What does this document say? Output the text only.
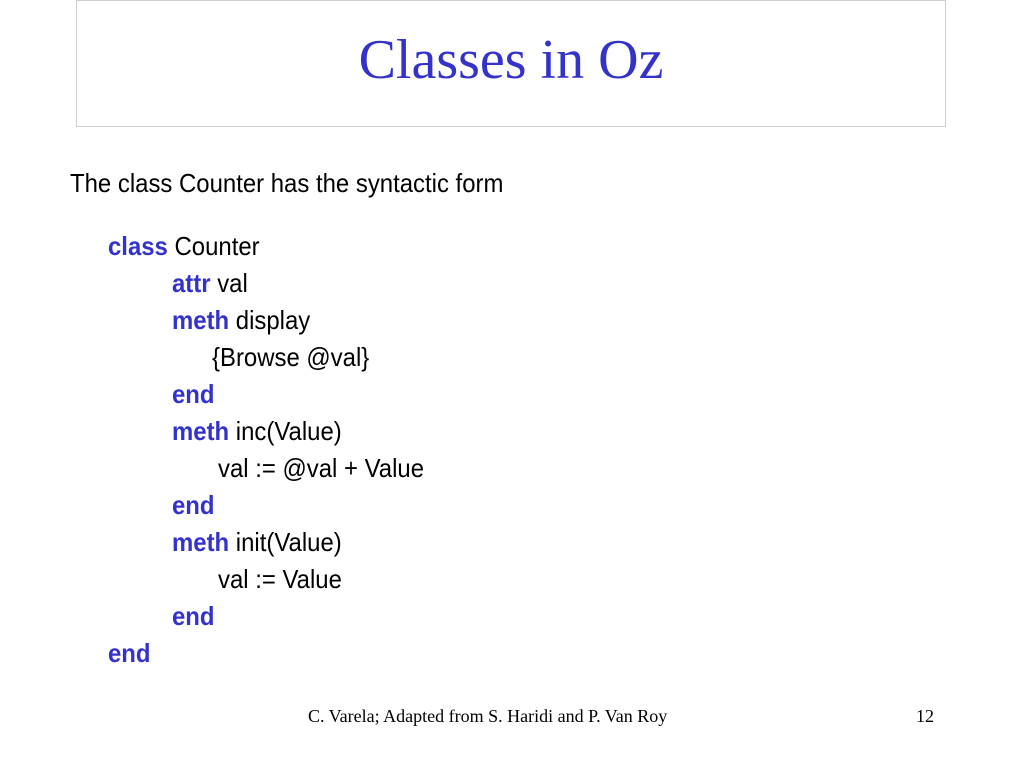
Classes in Oz
The class Counter has the syntactic form
class Counter
attr val
meth display
{Browse @val}
end
meth inc(Value)
val := @val + Value
end
meth init(Value)
val := Value
end
end
C. Varela; Adapted from S. Haridi and P. Van Roy	12
